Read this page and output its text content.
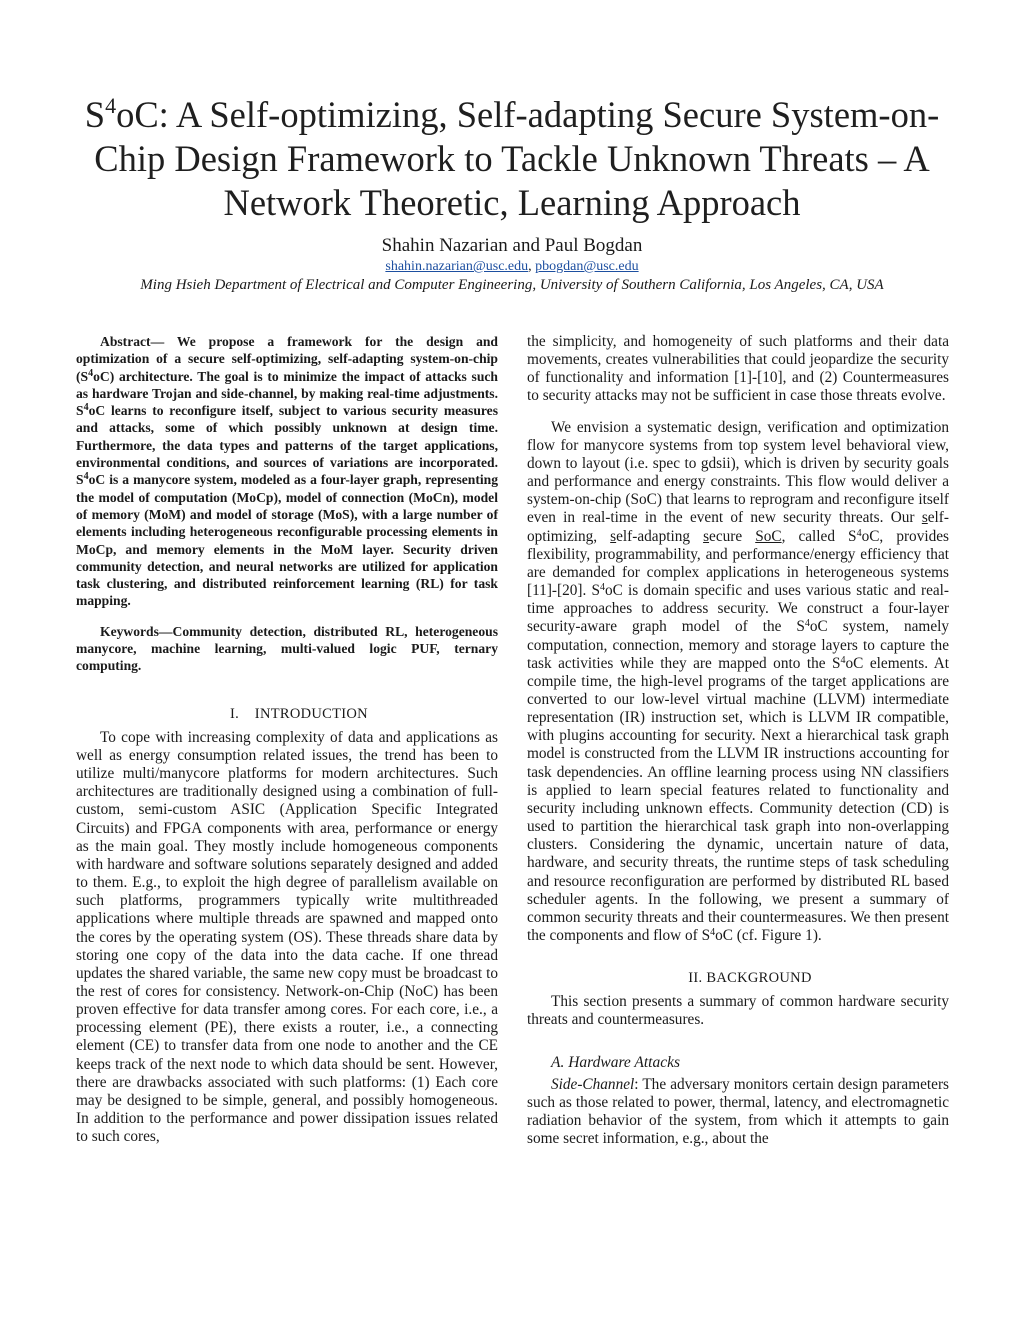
$S^4oC$: A Self-optimizing, Self-adapting Secure System-on-Chip Design Framework to Tackle Unknown Threats – A Network Theoretic, Learning Approach
Shahin Nazarian and Paul Bogdan
shahin.nazarian@usc.edu, pbogdan@usc.edu
Ming Hsieh Department of Electrical and Computer Engineering, University of Southern California, Los Angeles, CA, USA

Abstract— We propose a framework for the design and optimization of a secure self-optimizing, self-adapting system-on-chip $(S^4oC)$ architecture. The goal is to minimize the impact of attacks such as hardware Trojan and side-channel, by making real-time adjustments. $S^4oC$ learns to reconfigure itself, subject to various security measures and attacks, some of which possibly unknown at design time. Furthermore, the data types and patterns of the target applications, environmental conditions, and sources of variations are incorporated. $S^4oC$ is a manycore system, modeled as a four-layer graph, representing the model of computation (MoCp), model of connection (MoCn), model of memory (MoM) and model of storage (MoS), with a large number of elements including heterogeneous reconfigurable processing elements in MoCp, and memory elements in the MoM layer. Security driven community detection, and neural networks are utilized for application task clustering, and distributed reinforcement learning (RL) for task mapping.

Keywords—Community detection, distributed RL, heterogeneous manycore, machine learning, multi-valued logic PUF, ternary computing.

I. INTRODUCTION

To cope with increasing complexity of data and applications as well as energy consumption related issues, the trend has been to utilize multi/manycore platforms for modern architectures. Such architectures are traditionally designed using a combination of full-custom, semi-custom ASIC (Application Specific Integrated Circuits) and FPGA components with area, performance or energy as the main goal. They mostly include homogeneous components with hardware and software solutions separately designed and added to them. E.g., to exploit the high degree of parallelism available on such platforms, programmers typically write multithreaded applications where multiple threads are spawned and mapped onto the cores by the operating system (OS). These threads share data by storing one copy of the data into the data cache. If one thread updates the shared variable, the same new copy must be broadcast to the rest of cores for consistency. Network-on-Chip (NoC) has been proven effective for data transfer among cores. For each core, i.e., a processing element (PE), there exists a router, i.e., a connecting element (CE) to transfer data from one node to another and the CE keeps track of the next node to which data should be sent. However, there are drawbacks associated with such platforms: (1) Each core may be designed to be simple, general, and possibly homogeneous. In addition to the performance and power dissipation issues related to such cores,

the simplicity, and homogeneity of such platforms and their data movements, creates vulnerabilities that could jeopardize the security of functionality and information [1]-[10], and (2) Countermeasures to security attacks may not be sufficient in case those threats evolve.

We envision a systematic design, verification and optimization flow for manycore systems from top system level behavioral view, down to layout (i.e. spec to gdsii), which is driven by security goals and performance and energy constraints. This flow would deliver a system-on-chip (SoC) that learns to reprogram and reconfigure itself even in real-time in the event of new security threats. Our self-optimizing, self-adapting secure SoC, called $S^4oC$, provides flexibility, programmability, and performance/energy efficiency that are demanded for complex applications in heterogeneous systems [11]-[20]. $S^4oC$ is domain specific and uses various static and real-time approaches to address security. We construct a four-layer security-aware graph model of the $S^4oC$ system, namely computation, connection, memory and storage layers to capture the task activities while they are mapped onto the $S^4oC$ elements. At compile time, the high-level programs of the target applications are converted to our low-level virtual machine (LLVM) intermediate representation (IR) instruction set, which is LLVM IR compatible, with plugins accounting for security. Next a hierarchical task graph model is constructed from the LLVM IR instructions accounting for task dependencies. An offline learning process using NN classifiers is applied to learn special features related to functionality and security including unknown effects. Community detection (CD) is used to partition the hierarchical task graph into non-overlapping clusters. Considering the dynamic, uncertain nature of data, hardware, and security threats, the runtime steps of task scheduling and resource reconfiguration are performed by distributed RL based scheduler agents. In the following, we present a summary of common security threats and their countermeasures. We then present the components and flow of $S^4oC$ (cf. Figure 1).

II. BACKGROUND

This section presents a summary of common hardware security threats and countermeasures.

A. Hardware Attacks

Side-Channel: The adversary monitors certain design parameters such as those related to power, thermal, latency, and electromagnetic radiation behavior of the system, from which it attempts to gain some secret information, e.g., about the
